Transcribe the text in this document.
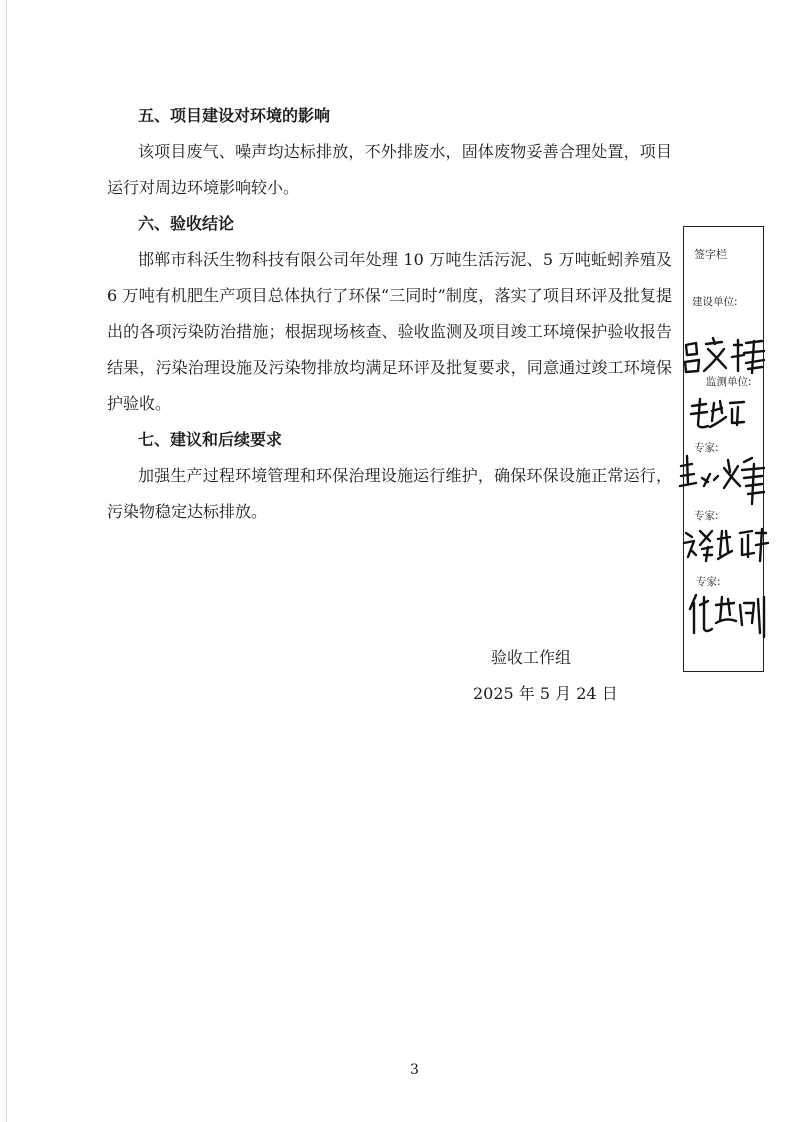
五、项目建设对环境的影响

该项目废气、噪声均达标排放，不外排废水，固体废物妥善合理处置，项目运行对周边环境影响较小。

六、验收结论

邯郸市科沃生物科技有限公司年处理 10 万吨生活污泥、5 万吨蚯蚓养殖及 6 万吨有机肥生产项目总体执行了环保“三同时”制度，落实了项目环评及批复提出的各项污染防治措施；根据现场核查、验收监测及项目竣工环境保护验收报告结果，污染治理设施及污染物排放均满足环评及批复要求，同意通过竣工环境保护验收。

七、建议和后续要求

加强生产过程环境管理和环保治理设施运行维护，确保环保设施正常运行，污染物稳定达标排放。

验收工作组
2025 年 5 月 24 日
签字栏
建设单位:
监测单位:
专家:
专家:
专家:
3
